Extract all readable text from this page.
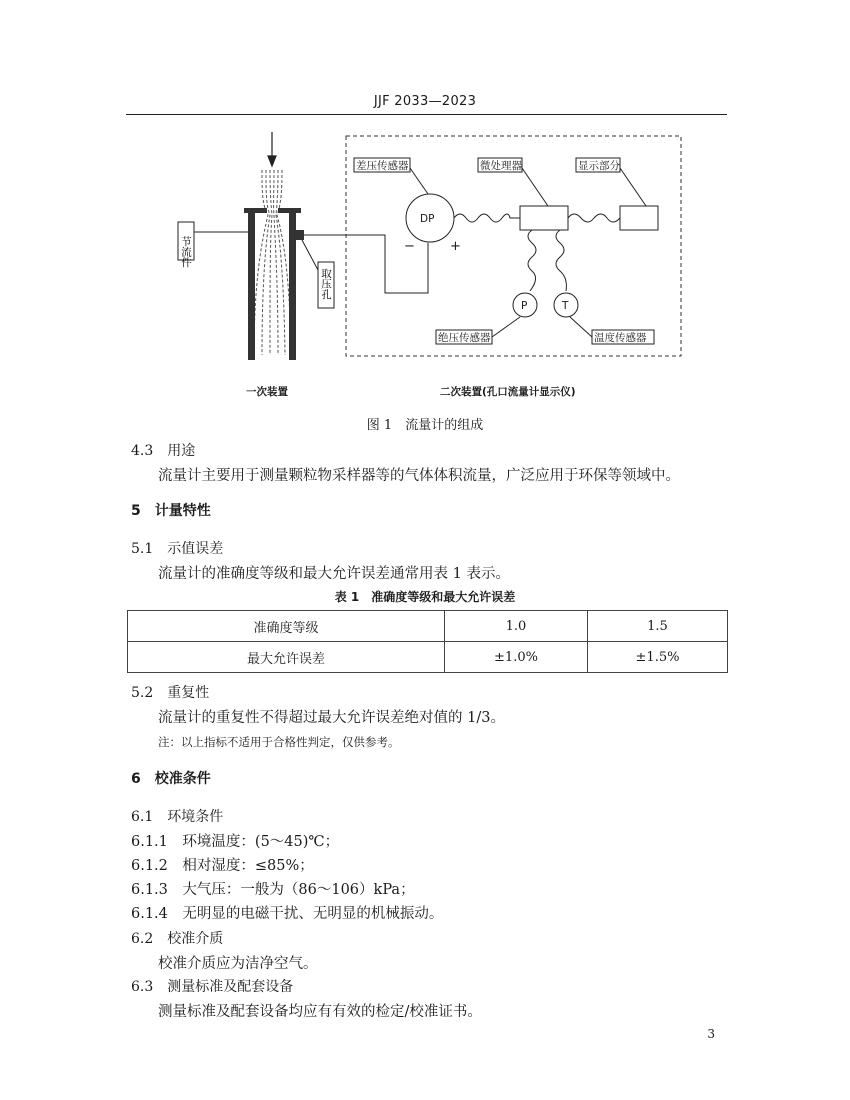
JJF 2033—2023
节流件
取压孔
差压传感器	微处理器	显示部分
DP
−	+
P	T
绝压传感器	温度传感器
一次装置	二次装置(孔口流量计显示仪)
图 1　流量计的组成
4.3　 用途
流量计主要用于测量颗粒物采样器等的气体体积流量，广泛应用于环保等领域中。
5　 计量特性
5.1　 示值误差
流量计的准确度等级和最大允许误差通常用表 1 表示。
表 1　准确度等级和最大允许误差
准确度等级	1.0	1.5
最大允许误差	±1.0%	±1.5%
5.2　 重复性
流量计的重复性不得超过最大允许误差绝对值的 1/3。
注：以上指标不适用于合格性判定，仅供参考。
6　 校准条件
6.1　 环境条件
6.1.1　 环境温度：(5～45)℃；
6.1.2　 相对湿度：≤85%；
6.1.3　 大气压：一般为（86～106）kPa；
6.1.4　 无明显的电磁干扰、无明显的机械振动。
6.2　 校准介质
校准介质应为洁净空气。
6.3　 测量标准及配套设备
测量标准及配套设备均应有有效的检定/校准证书。
3
